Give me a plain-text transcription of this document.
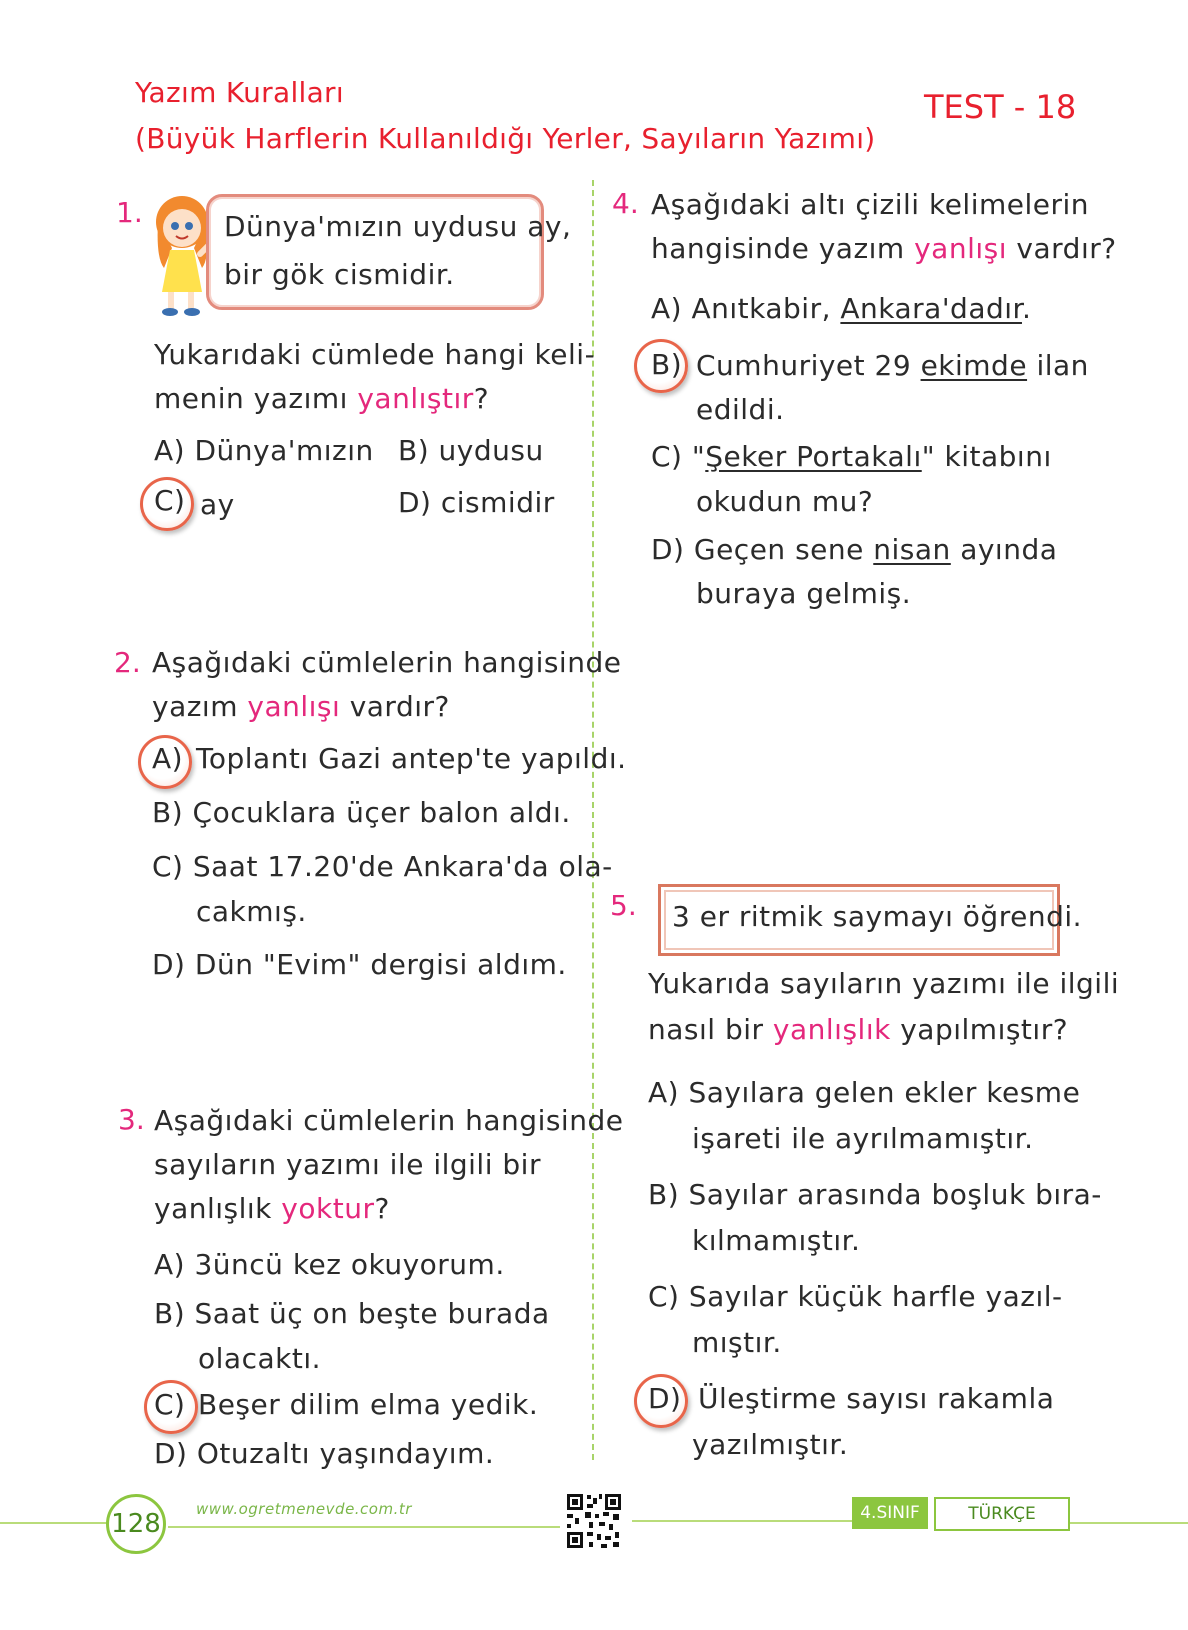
Yazım Kuralları
(Büyük Harflerin Kullanıldığı Yerler, Sayıların Yazımı)
TEST - 18
1.	Dünya'mızın uydusu ay,
bir gök cismidir.
Yukarıdaki cümlede hangi keli-
menin yazımı yanlıştır?
A) Dünya'mızın B) uydusu
C) ay	D) cismidir
2. Aşağıdaki cümlelerin hangisinde
yazım yanlışı vardır?
A) Toplantı Gazi antep'te yapıldı.
B) Çocuklara üçer balon aldı.
C) Saat 17.20'de Ankara'da ola-
cakmış.
D) Dün "Evim" dergisi aldım.
3. Aşağıdaki cümlelerin hangisinde
sayıların yazımı ile ilgili bir
yanlışlık yoktur?
A) 3üncü kez okuyorum.
B) Saat üç on beşte burada
olacaktı.
C) Beşer dilim elma yedik.
D) Otuzaltı yaşındayım.
4. Aşağıdaki altı çizili kelimelerin
hangisinde yazım yanlışı vardır?
A) Anıtkabir, Ankara'dadır.
B) Cumhuriyet 29 ekimde ilan
edildi.
C) "Şeker Portakalı" kitabını
okudun mu?
D) Geçen sene nisan ayında
buraya gelmiş.
5. 3 er ritmik saymayı öğrendi.
Yukarıda sayıların yazımı ile ilgili
nasıl bir yanlışlık yapılmıştır?
A) Sayılara gelen ekler kesme
işareti ile ayrılmamıştır.
B) Sayılar arasında boşluk bıra-
kılmamıştır.
C) Sayılar küçük harfle yazıl-
mıştır.
D) Üleştirme sayısı rakamla
yazılmıştır.
128	www.ogretmenevde.com.tr	4.SINIF	TÜRKÇE
